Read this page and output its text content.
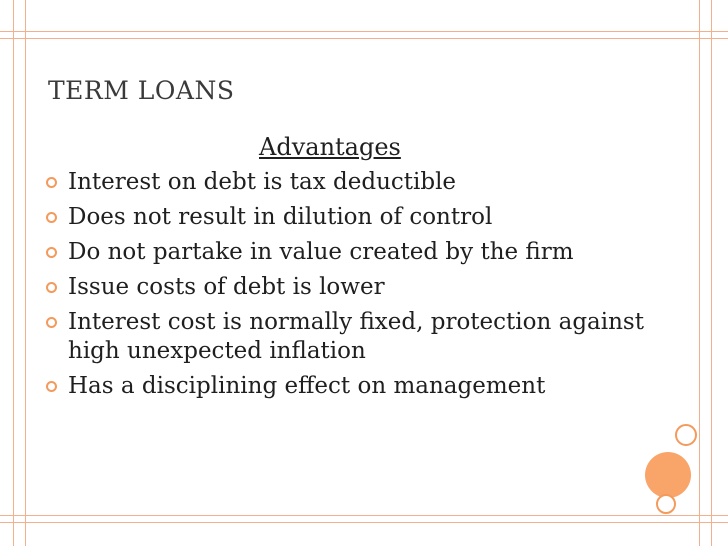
TERM LOANS
Advantages
Interest on debt is tax deductible
Does not result in dilution of control
Do not partake in value created by the firm
Issue costs of debt is lower
Interest cost is normally fixed, protection against high unexpected inflation
Has a disciplining effect on management
